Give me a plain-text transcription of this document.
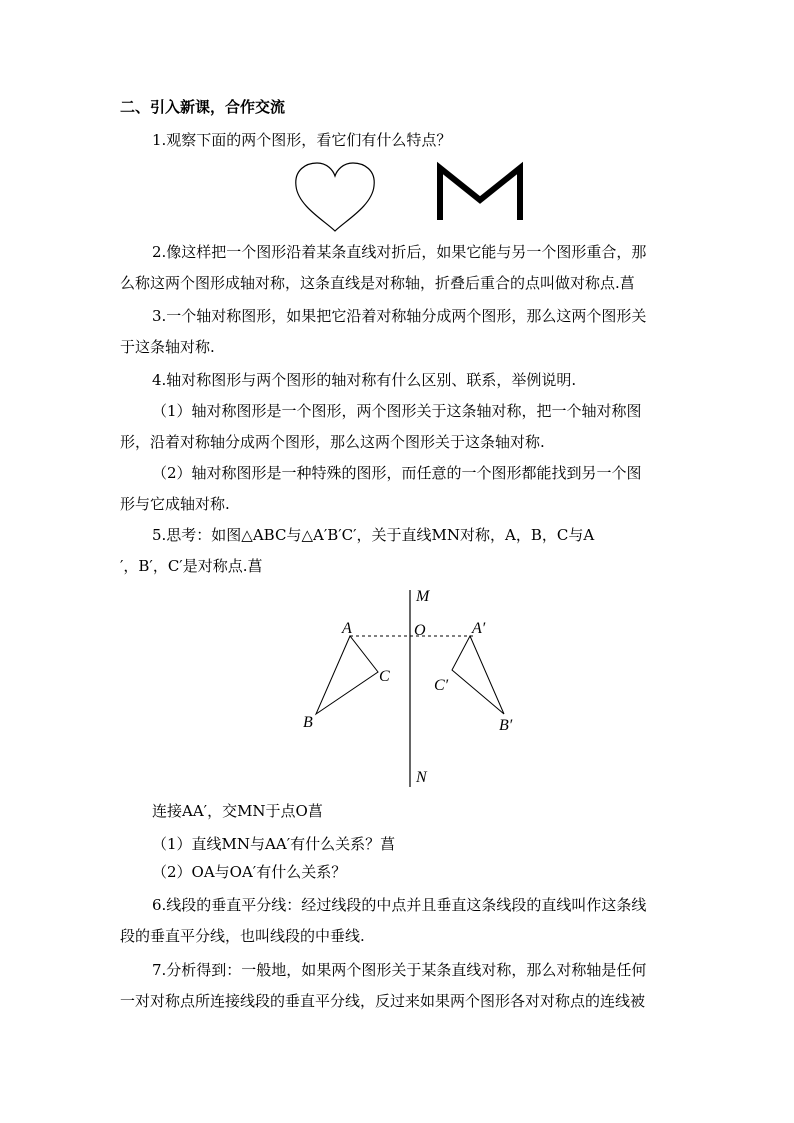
二、引入新课，合作交流
1.观察下面的两个图形，看它们有什么特点？
2.像这样把一个图形沿着某条直线对折后，如果它能与另一个图形重合，那
么称这两个图形成轴对称，这条直线是对称轴，折叠后重合的点叫做对称点.菖
3.一个轴对称图形，如果把它沿着对称轴分成两个图形，那么这两个图形关
于这条轴对称.
4.轴对称图形与两个图形的轴对称有什么区别、联系，举例说明.
（1）轴对称图形是一个图形，两个图形关于这条轴对称，把一个轴对称图
形，沿着对称轴分成两个图形，那么这两个图形关于这条轴对称.
（2）轴对称图形是一种特殊的图形，而任意的一个图形都能找到另一个图
形与它成轴对称.
5.思考：如图△ABC与△A′B′C′，关于直线MN对称，A，B，C与A
′，B′，C′是对称点.菖
M
N
O
A
B
C
A′
B′
C′
连接AA′，交MN于点O菖
（1）直线MN与AA′有什么关系？菖
（2）OA与OA′有什么关系？
6.线段的垂直平分线：经过线段的中点并且垂直这条线段的直线叫作这条线
段的垂直平分线，也叫线段的中垂线.
7.分析得到：一般地，如果两个图形关于某条直线对称，那么对称轴是任何
一对对称点所连接线段的垂直平分线，反过来如果两个图形各对对称点的连线被
